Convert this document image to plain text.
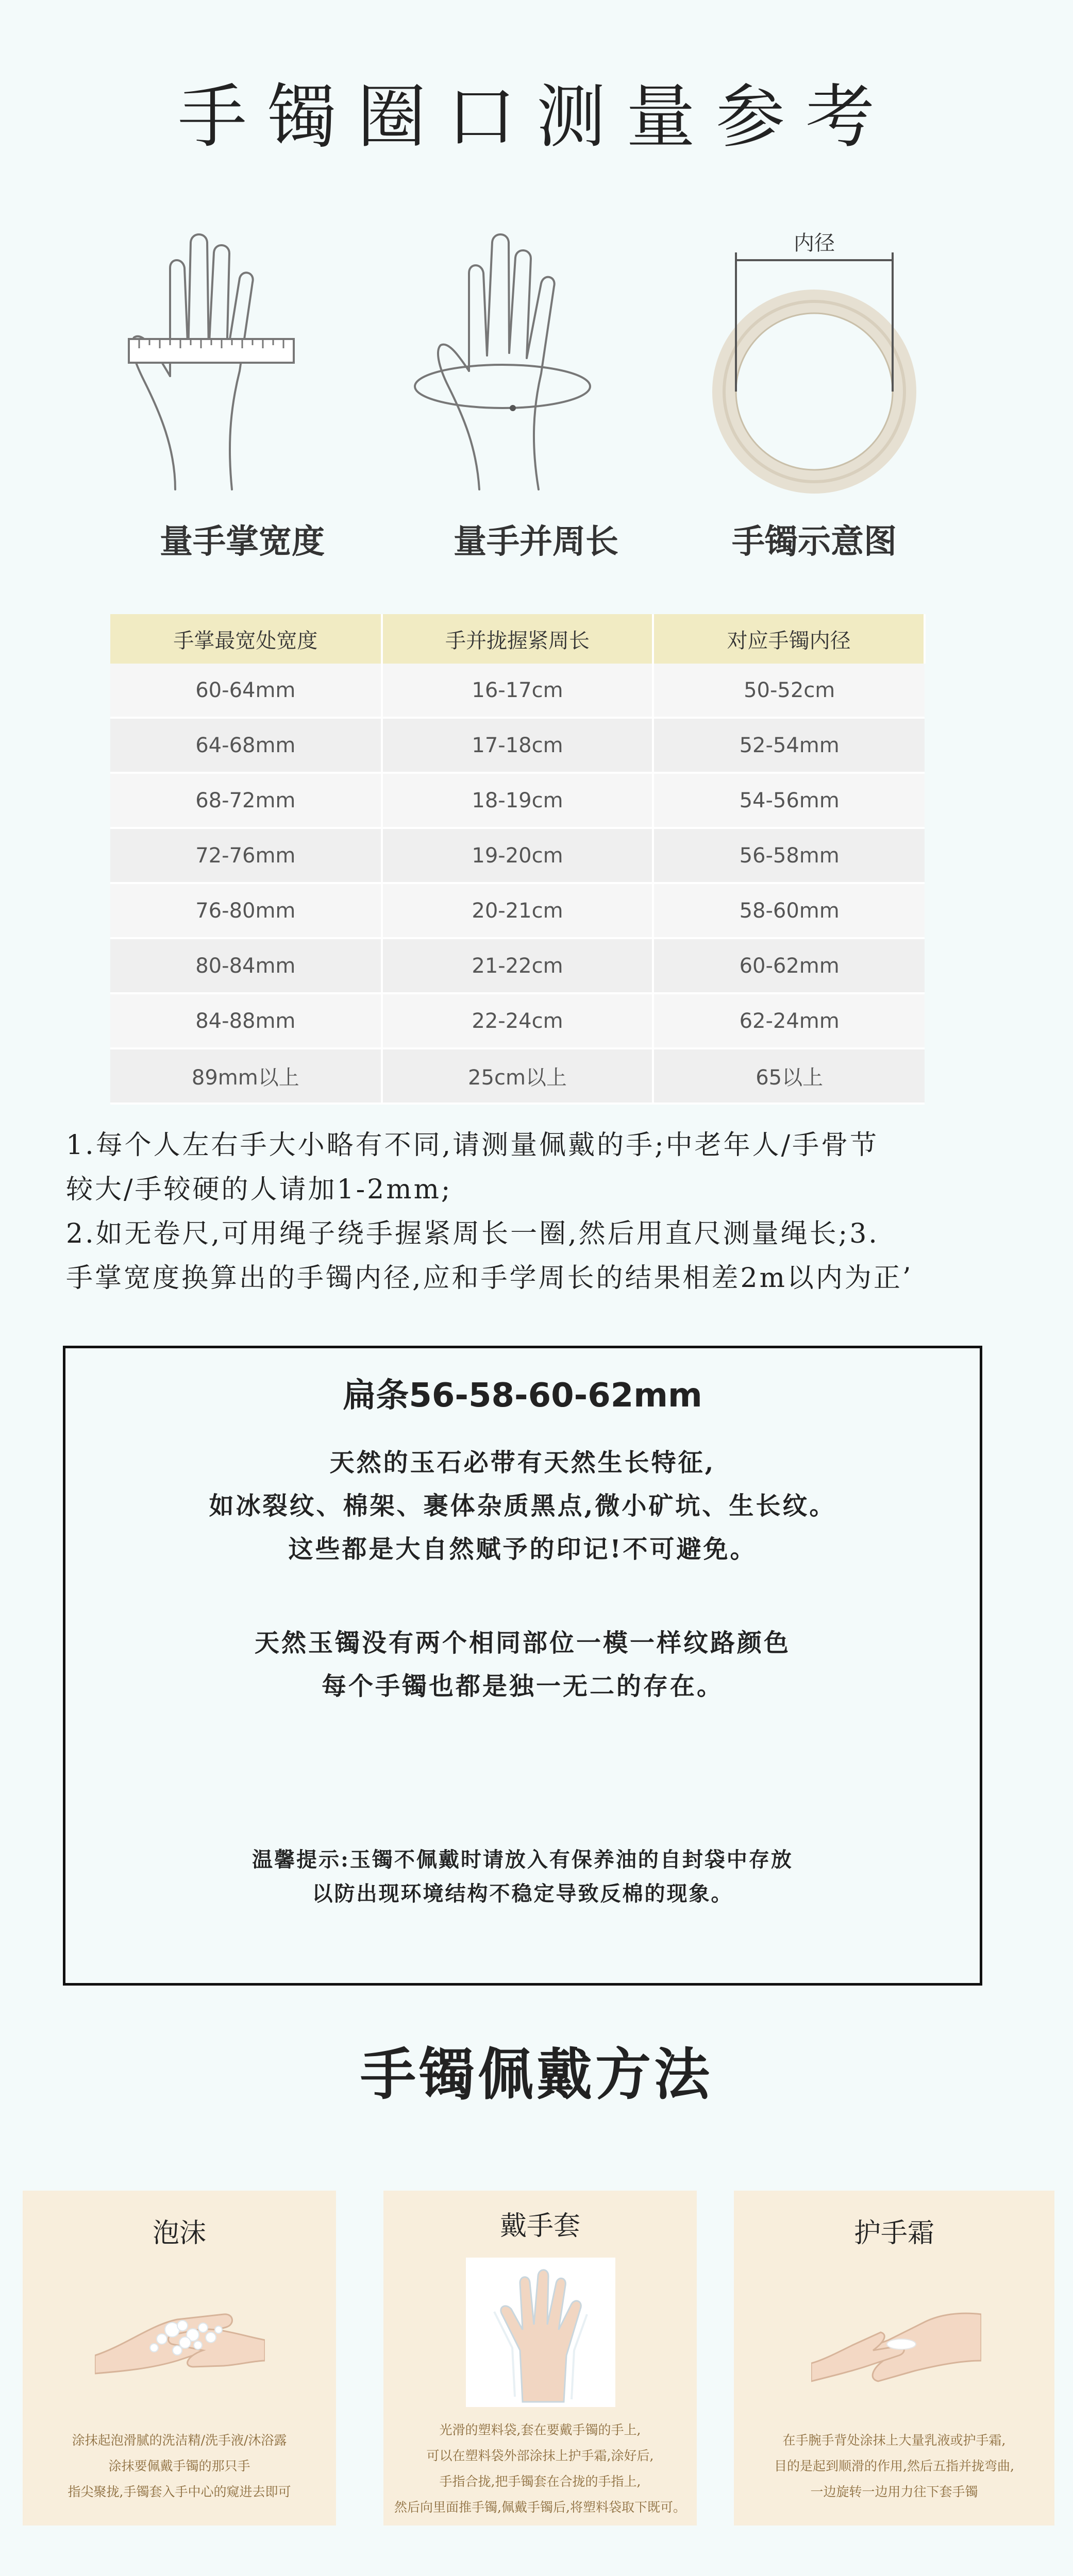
手镯圈口测量参考
量手掌宽度	量手并周长
内径
手镯示意图
手掌最宽处宽度	手并拢握紧周长	对应手镯内径
60-64mm	16-17cm	50-52cm
64-68mm	17-18cm	52-54mm
68-72mm	18-19cm	54-56mm
72-76mm	19-20cm	56-58mm
76-80mm	20-21cm	58-60mm
80-84mm	21-22cm	60-62mm
84-88mm	22-24cm	62-24mm
89mm以上	25cm以上	65以上

1.每个人左右手大小略有不同,请测量佩戴的手;中老年人/手骨节

较大/手较硬的人请加1-2mm;

2.如无卷尺,可用绳子绕手握紧周长一圈,然后用直尺测量绳长;3.

手掌宽度换算出的手镯内径,应和手学周长的结果相差2m以内为正’

扁条56-58-60-62mm
天然的玉石必带有天然生长特征,
如冰裂纹、棉架、裹体杂质黑点,微小矿坑、生长纹。
这些都是大自然赋予的印记!不可避免。
天然玉镯没有两个相同部位一模一样纹路颜色
每个手镯也都是独一无二的存在。
温馨提示:玉镯不佩戴时请放入有保养油的自封袋中存放
以防出现环境结构不稳定导致反棉的现象。
手镯佩戴方法
泡沫
涂抹起泡滑腻的洗洁精/洗手液/沐浴露
涂抹要佩戴手镯的那只手
指尖聚拢,手镯套入手中心的窥进去即可
戴手套
光滑的塑料袋,套在要戴手镯的手上,
可以在塑料袋外部涂抹上护手霜,涂好后,
手指合拢,把手镯套在合拢的手指上,
然后向里面推手镯,佩戴手镯后,将塑料袋取下既可。
护手霜
在手腕手背处涂抹上大量乳液或护手霜,
目的是起到顺滑的作用,然后五指并拢弯曲,
一边旋转一边用力往下套手镯
